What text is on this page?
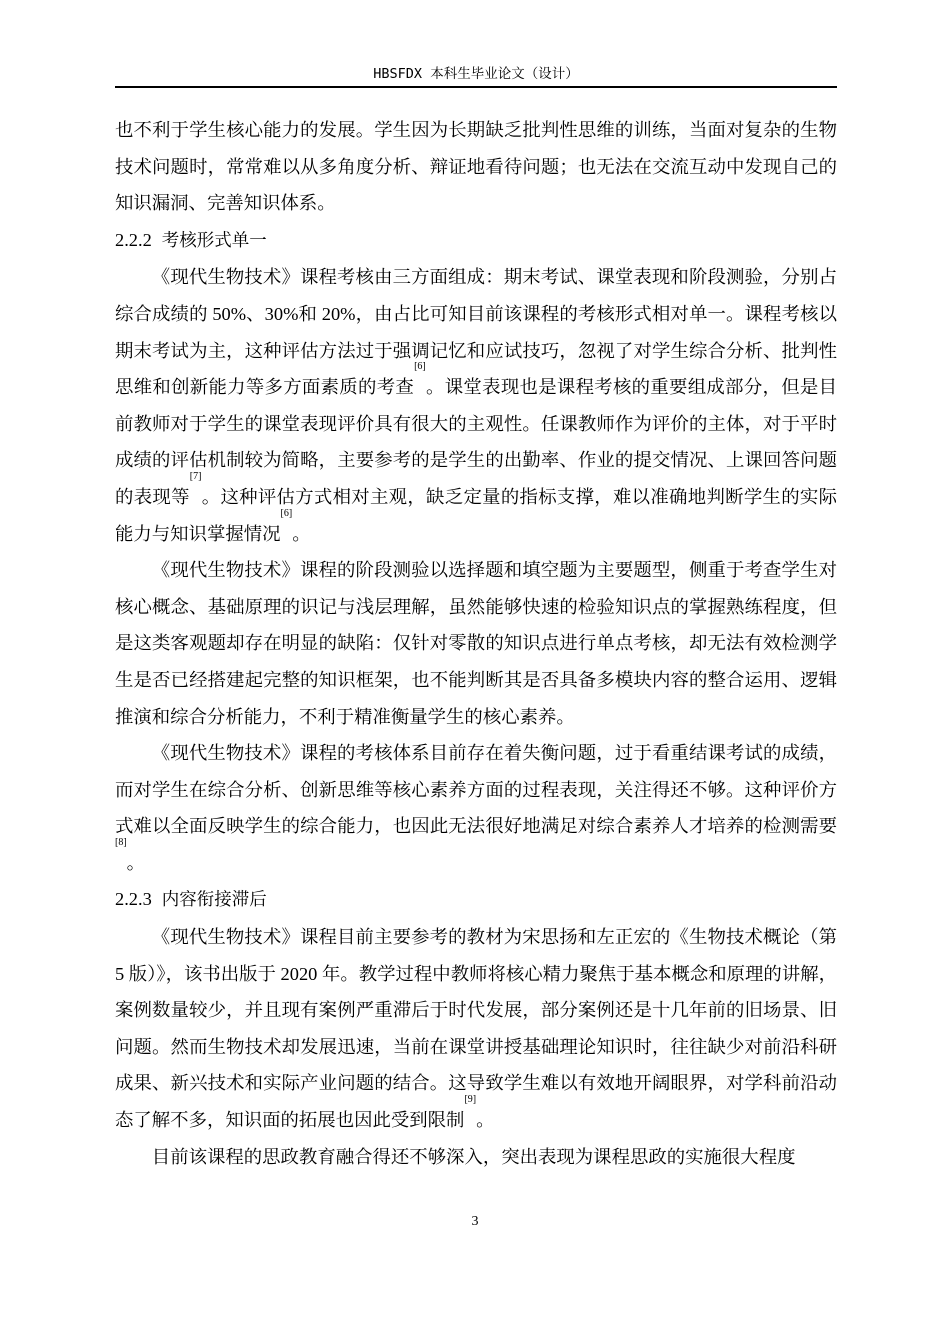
HBSFDX 本科生毕业论文（设计）

也不利于学生核心能力的发展。学生因为长期缺乏批判性思维的训练，当面对复杂的生物技术问题时，常常难以从多角度分析、辩证地看待问题；也无法在交流互动中发现自己的知识漏洞、完善知识体系。

2.2.2 考核形式单一

《现代生物技术》课程考核由三方面组成：期末考试、课堂表现和阶段测验，分别占综合成绩的 50%、30%和 20%，由占比可知目前该课程的考核形式相对单一。课程考核以期末考试为主，这种评估方法过于强调记忆和应试技巧，忽视了对学生综合分析、批判性思维和创新能力等多方面素质的考查[6]。课堂表现也是课程考核的重要组成部分，但是目前教师对于学生的课堂表现评价具有很大的主观性。任课教师作为评价的主体，对于平时成绩的评估机制较为简略，主要参考的是学生的出勤率、作业的提交情况、上课回答问题的表现等[7]。这种评估方式相对主观，缺乏定量的指标支撑，难以准确地判断学生的实际能力与知识掌握情况[6]。

《现代生物技术》课程的阶段测验以选择题和填空题为主要题型，侧重于考查学生对核心概念、基础原理的识记与浅层理解，虽然能够快速的检验知识点的掌握熟练程度，但是这类客观题却存在明显的缺陷：仅针对零散的知识点进行单点考核，却无法有效检测学生是否已经搭建起完整的知识框架，也不能判断其是否具备多模块内容的整合运用、逻辑推演和综合分析能力，不利于精准衡量学生的核心素养。

《现代生物技术》课程的考核体系目前存在着失衡问题，过于看重结课考试的成绩，而对学生在综合分析、创新思维等核心素养方面的过程表现，关注得还不够。这种评价方式难以全面反映学生的综合能力，也因此无法很好地满足对综合素养人才培养的检测需要[8]。

2.2.3 内容衔接滞后

《现代生物技术》课程目前主要参考的教材为宋思扬和左正宏的《生物技术概论（第 5 版）》，该书出版于 2020 年。教学过程中教师将核心精力聚焦于基本概念和原理的讲解，案例数量较少，并且现有案例严重滞后于时代发展，部分案例还是十几年前的旧场景、旧问题。然而生物技术却发展迅速，当前在课堂讲授基础理论知识时，往往缺少对前沿科研成果、新兴技术和实际产业问题的结合。这导致学生难以有效地开阔眼界，对学科前沿动态了解不多，知识面的拓展也因此受到限制[9]。

目前该课程的思政教育融合得还不够深入，突出表现为课程思政的实施很大程度

3
